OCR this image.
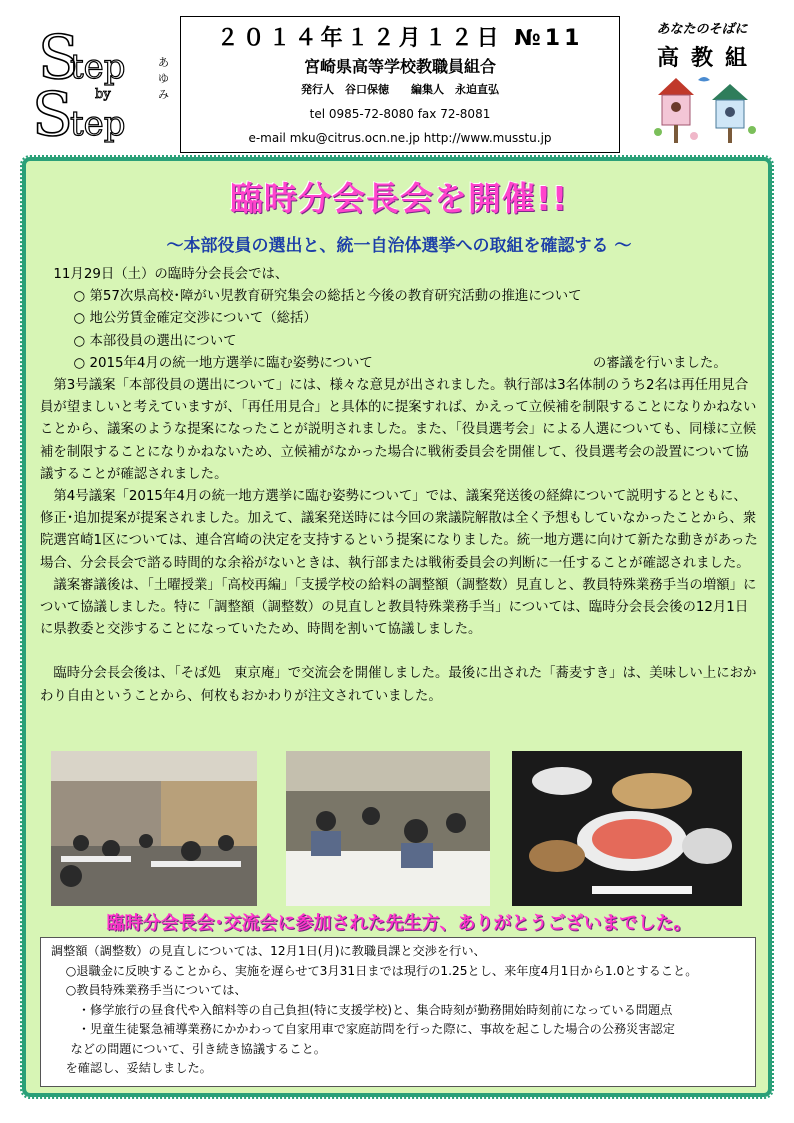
S
tep
by
S
tep
あゆみ
２０１４年１２月１２日 №11
宮崎県高等学校教職員組合
発行人　谷口保徳　　編集人　永迫直弘
tel 0985-72-8080 fax 72-8081
e-mail mku@citrus.ocn.ne.jp http://www.musstu.jp
あなたのそばに
高教組
臨時分会長会を開催!!
～本部役員の選出と、統一自治体選挙への取組を確認する ～

11月29日（土）の臨時分会長会では、

○ 第57次県高校･障がい児教育研究集会の総括と今後の教育研究活動の推進について

○ 地公労賃金確定交渉について（総括）

○ 本部役員の選出について

○ 2015年4月の統一地方選挙に臨む姿勢について	の審議を行いました。

第3号議案「本部役員の選出について」には、様々な意見が出されました。執行部は3名体制のうち2名は再任用見合員が望ましいと考えていますが、「再任用見合」と具体的に提案すれば、かえって立候補を制限することになりかねないことから、議案のような提案になったことが説明されました。また、「役員選考会」による人選についても、同様に立候補を制限することになりかねないため、立候補がなかった場合に戦術委員会を開催して、役員選考会の設置について協議することが確認されました。

第4号議案「2015年4月の統一地方選挙に臨む姿勢について」では、議案発送後の経緯について説明するとともに、修正･追加提案が提案されました。加えて、議案発送時には今回の衆議院解散は全く予想もしていなかったことから、衆院選宮崎1区については、連合宮崎の決定を支持するという提案になりました。統一地方選に向けて新たな動きがあった場合、分会長会で諮る時間的な余裕がないときは、執行部または戦術委員会の判断に一任することが確認されました。

議案審議後は、「土曜授業」「高校再編」「支援学校の給料の調整額（調整数）見直しと、教員特殊業務手当の増額」について協議しました。特に「調整額（調整数）の見直しと教員特殊業務手当」については、臨時分会長会後の12月1日に県教委と交渉することになっていたため、時間を割いて協議しました。

臨時分会長会後は、「そば処　東京庵」で交流会を開催しました。最後に出された「蕎麦すき」は、美味しい上におかわり自由ということから、何枚もおかわりが注文されていました。

臨時分会長会･交流会に参加された先生方、ありがとうございまでした。

調整額（調整数）の見直しについては、12月1日(月)に教職員課と交渉を行い、

○退職金に反映することから、実施を遅らせて3月31日までは現行の1.25とし、来年度4月1日から1.0とすること。

○教員特殊業務手当については、

・修学旅行の昼食代や入館料等の自己負担(特に支援学校)と、集合時刻が勤務開始時刻前になっている問題点

・児童生徒緊急補導業務にかかわって自家用車で家庭訪問を行った際に、事故を起こした場合の公務災害認定

などの問題について、引き続き協議すること。

を確認し、妥結しました。
